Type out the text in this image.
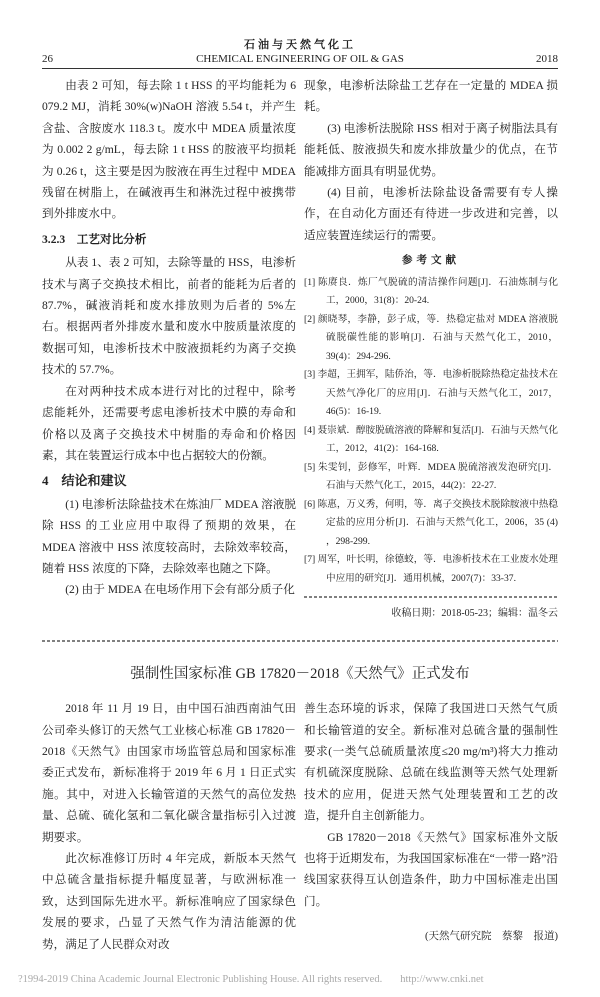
石油与天然气化工
CHEMICAL ENGINEERING OF OIL & GAS
26	2018

由表 2 可知，每去除 1 t HSS 的平均能耗为 6 079.2 MJ，消耗 30%(w)NaOH 溶液 5.54 t，并产生含盐、含胺废水 118.3 t。废水中 MDEA 质量浓度为 0.002 2 g/mL，每去除 1 t HSS 的胺液平均损耗为 0.26 t，这主要是因为胺液在再生过程中 MDEA 残留在树脂上，在碱液再生和淋洗过程中被携带到外排废水中。

3.2.3　工艺对比分析

从表 1、表 2 可知，去除等量的 HSS，电渗析技术与离子交换技术相比，前者的能耗为后者的 87.7%，碱液消耗和废水排放则为后者的 5%左右。根据两者外排废水量和废水中胺质量浓度的数据可知，电渗析技术中胺液损耗约为离子交换技术的 57.7%。

在对两种技术成本进行对比的过程中，除考虑能耗外，还需要考虑电渗析技术中膜的寿命和价格以及离子交换技术中树脂的寿命和价格因素，其在装置运行成本中也占据较大的份额。

4　结论和建议

(1) 电渗析法除盐技术在炼油厂 MDEA 溶液脱除 HSS 的工业应用中取得了预期的效果，在 MDEA 溶液中 HSS 浓度较高时，去除效率较高，随着 HSS 浓度的下降，去除效率也随之下降。

(2) 由于 MDEA 在电场作用下会有部分质子化

现象，电渗析法除盐工艺存在一定量的 MDEA 损耗。

(3) 电渗析法脱除 HSS 相对于离子树脂法具有能耗低、胺液损失和废水排放量少的优点，在节能减排方面具有明显优势。

(4) 目前，电渗析法除盐设备需要有专人操作，在自动化方面还有待进一步改进和完善，以适应装置连续运行的需要。

参考文献

[1] 陈赓良．炼厂气脱硫的清洁操作问题[J]．石油炼制与化工，2000，31(8)：20-24.

[2] 颜晓琴，李静，彭子成，等．热稳定盐对 MDEA 溶液脱硫脱碳性能的影响[J]．石油与天然气化工，2010，39(4)：294-296.

[3] 李超，王拥军，陆侨治，等．电渗析脱除热稳定盐技术在天然气净化厂的应用[J]．石油与天然气化工，2017，46(5)：16-19.

[4] 聂崇斌．醇胺脱硫溶液的降解和复活[J]．石油与天然气化工，2012，41(2)：164-168.

[5] 朱雯钊，彭修军，叶辉．MDEA 脱硫溶液发泡研究[J]．石油与天然气化工，2015，44(2)：22-27.

[6] 陈惠，万义秀，何明，等．离子交换技术脱除胺液中热稳定盐的应用分析[J]．石油与天然气化工，2006，35 (4) ，298-299.

[7] 周军，叶长明，徐德蛟，等．电渗析技术在工业废水处理中应用的研究[J]．通用机械，2007(7)：33-37.

收稿日期：2018-05-23；编辑：温冬云
强制性国家标准 GB 17820－2018《天然气》正式发布

2018 年 11 月 19 日，由中国石油西南油气田公司牵头修订的天然气工业核心标准 GB 17820－2018《天然气》由国家市场监管总局和国家标准委正式发布，新标准将于 2019 年 6 月 1 日正式实施。其中，对进入长输管道的天然气的高位发热量、总硫、硫化氢和二氧化碳含量指标引入过渡期要求。

此次标准修订历时 4 年完成，新版本天然气中总硫含量指标提升幅度显著，与欧洲标准一致，达到国际先进水平。新标准响应了国家绿色发展的要求，凸显了天然气作为清洁能源的优势，满足了人民群众对改

善生态环境的诉求，保障了我国进口天然气气质和长输管道的安全。新标准对总硫含量的强制性要求(一类气总硫质量浓度≤20 mg/m³)将大力推动有机硫深度脱除、总硫在线监测等天然气处理新技术的应用，促进天然气处理装置和工艺的改造，提升自主创新能力。

GB 17820－2018《天然气》国家标准外文版也将于近期发布，为我国国家标准在“一带一路”沿线国家获得互认创造条件，助力中国标准走出国门。

(天然气研究院　蔡黎　报道)
?1994-2019 China Academic Journal Electronic Publishing House. All rights reserved. http://www.cnki.net
